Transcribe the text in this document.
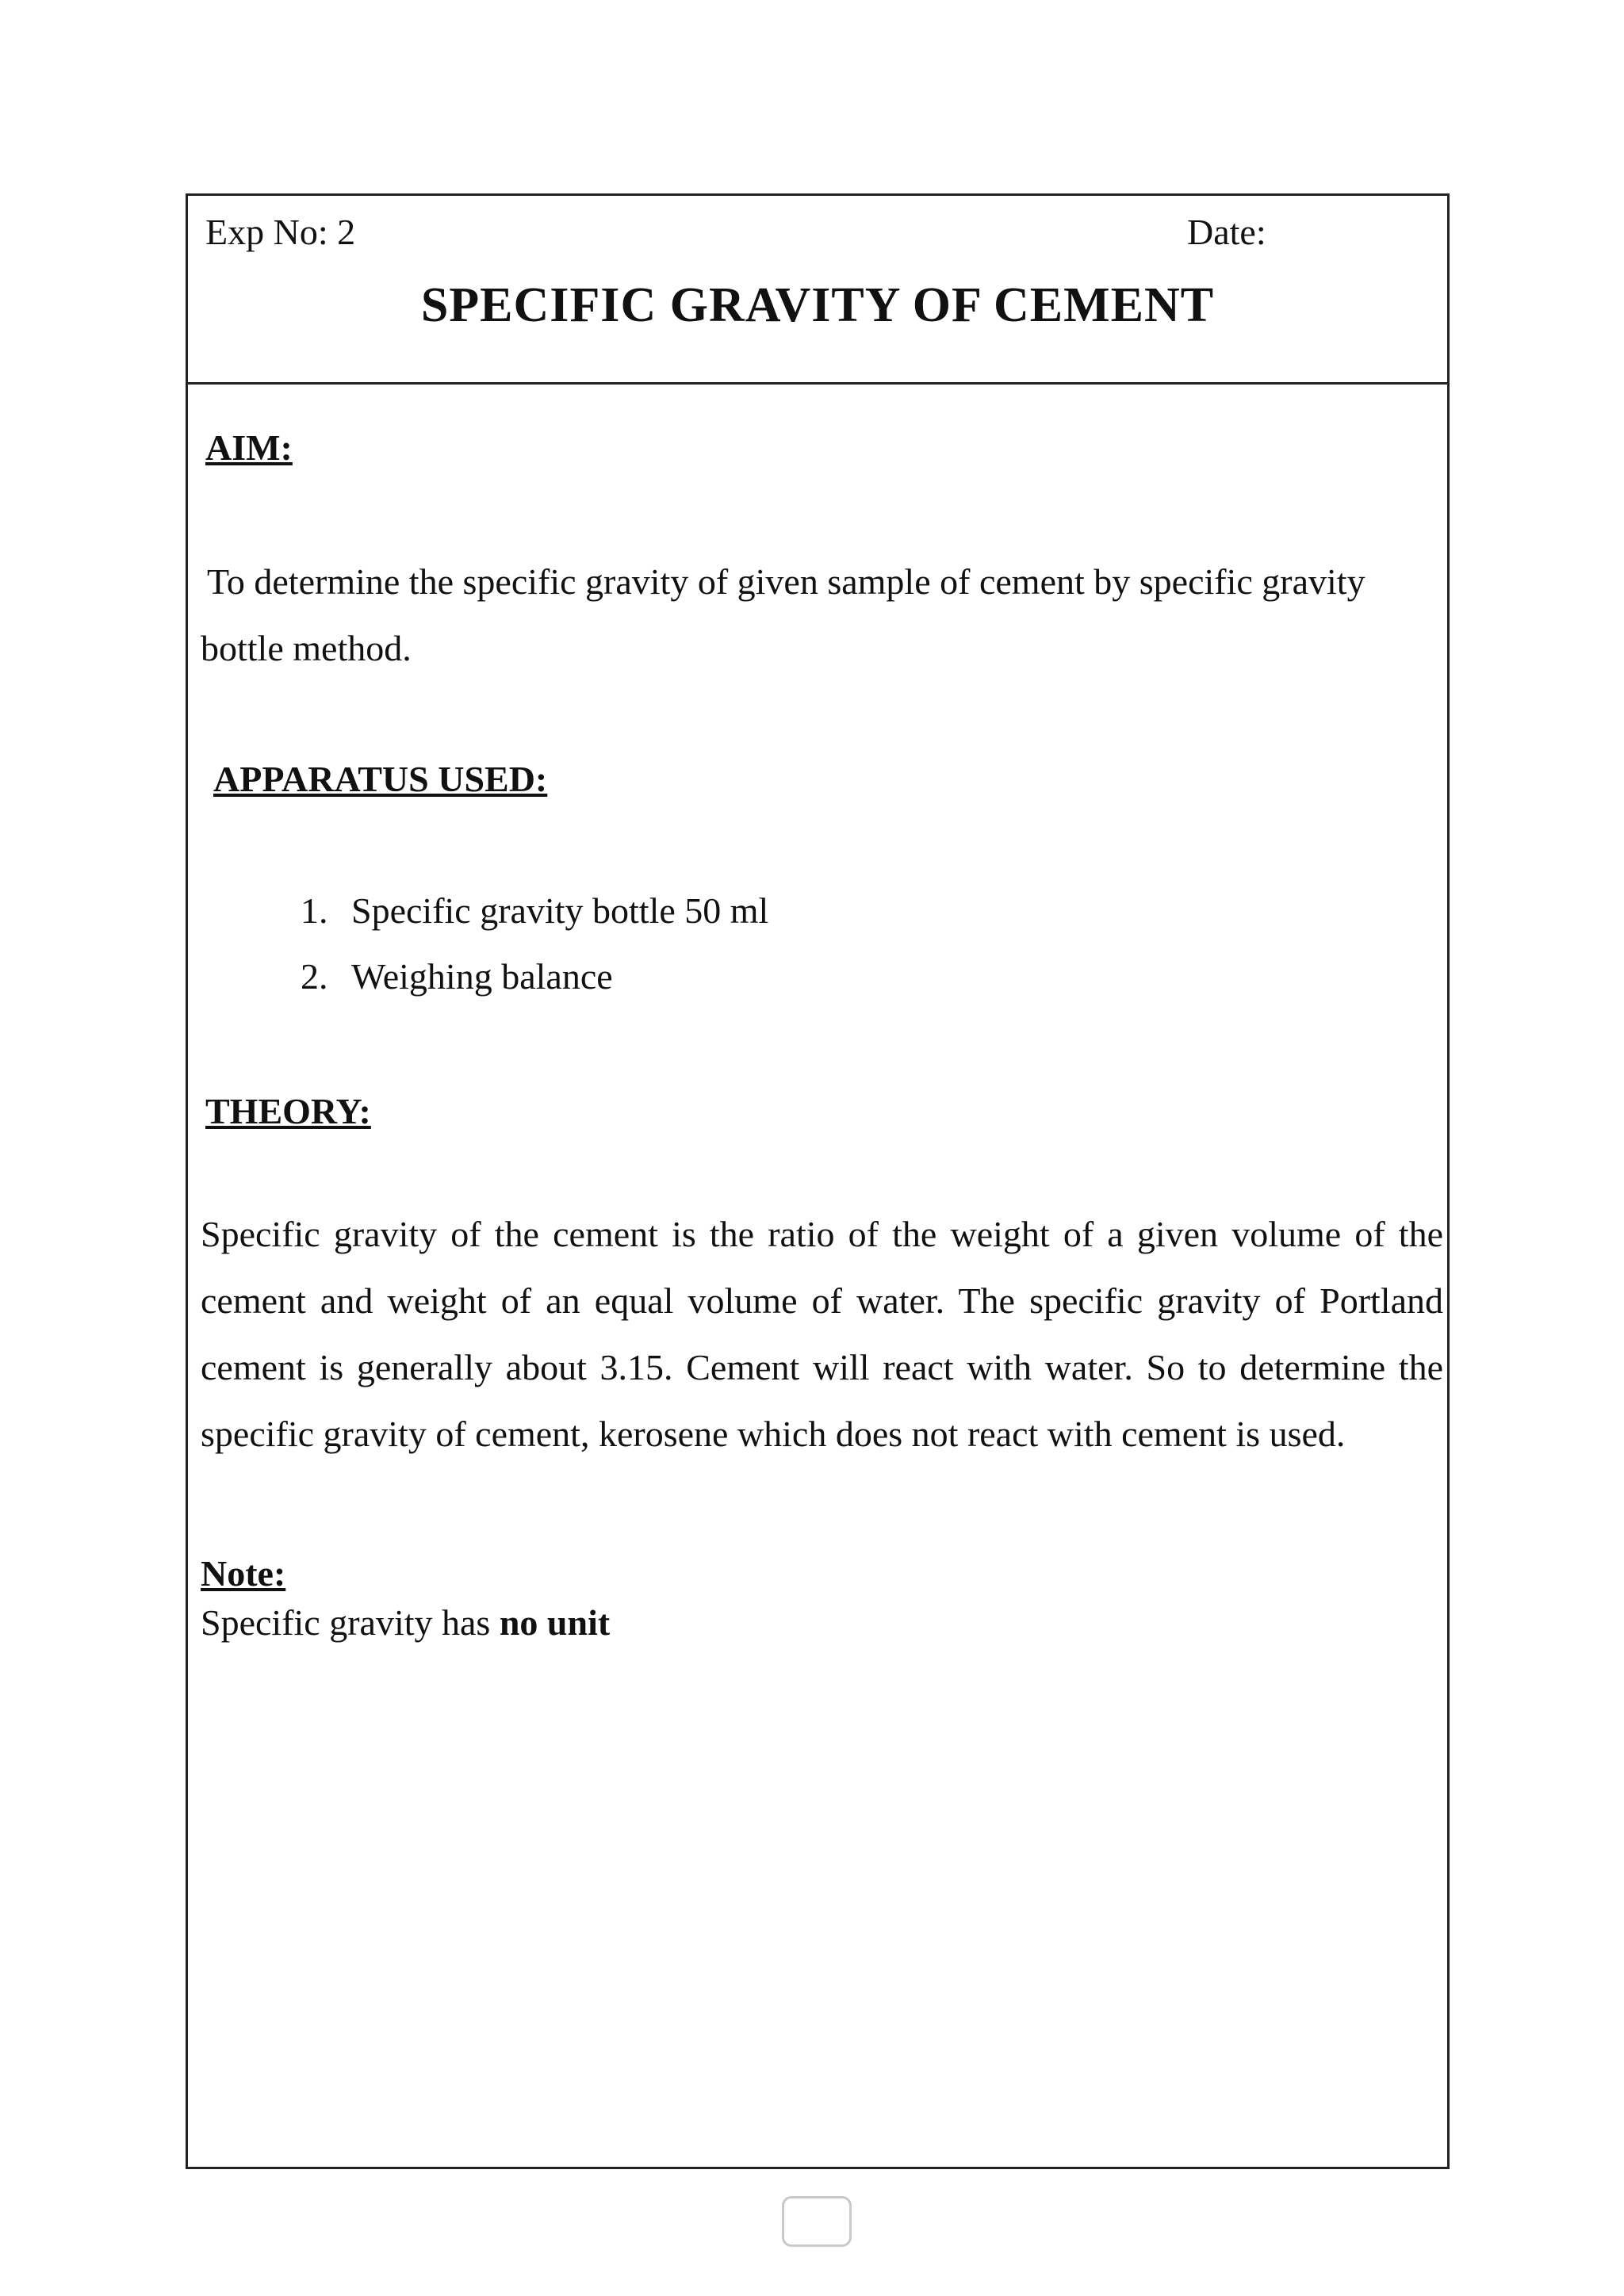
Exp No: 2	Date:
SPECIFIC GRAVITY OF CEMENT
AIM:
To determine the specific gravity of given sample of cement by specific gravity bottle method.
APPARATUS USED:
1. Specific gravity bottle 50 ml
2. Weighing balance
THEORY:
Specific gravity of the cement is the ratio of the weight of a given volume of the cement and weight of an equal volume of water. The specific gravity of Portland cement is generally about 3.15. Cement will react with water. So to determine the specific gravity of cement, kerosene which does not react with cement is used.
Note:
Specific gravity has no unit
